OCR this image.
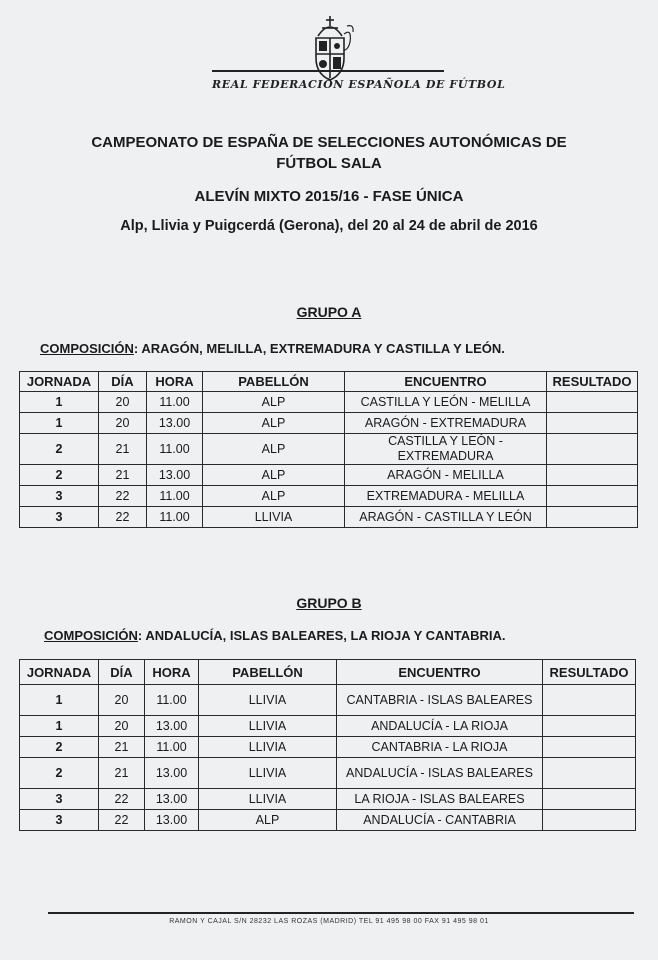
REAL FEDERACIÓN ESPAÑOLA DE FÚTBOL
CAMPEONATO DE ESPAÑA DE SELECCIONES AUTONÓMICAS DE
FÚTBOL SALA
ALEVÍN MIXTO 2015/16 - FASE ÚNICA
Alp, Llivia y Puigcerdá (Gerona), del 20 al 24 de abril de 2016
GRUPO A
COMPOSICIÓN: ARAGÓN, MELILLA, EXTREMADURA Y CASTILLA Y LEÓN.
JORNADA	DÍA	HORA	PABELLÓN	ENCUENTRO	RESULTADO
1	20	11.00	ALP	CASTILLA Y LEÓN - MELILLA	
1	20	13.00	ALP	ARAGÓN - EXTREMADURA	
2	21	11.00	ALP	CASTILLA Y LEÓN - EXTREMADURA	
2	21	13.00	ALP	ARAGÓN - MELILLA	
3	22	11.00	ALP	EXTREMADURA - MELILLA	
3	22	11.00	LLIVIA	ARAGÓN - CASTILLA Y LEÓN	
GRUPO B
COMPOSICIÓN: ANDALUCÍA, ISLAS BALEARES, LA RIOJA Y CANTABRIA.
JORNADA	DÍA	HORA	PABELLÓN	ENCUENTRO	RESULTADO
1	20	11.00	LLIVIA	CANTABRIA - ISLAS BALEARES	
1	20	13.00	LLIVIA	ANDALUCÍA - LA RIOJA	
2	21	11.00	LLIVIA	CANTABRIA - LA RIOJA	
2	21	13.00	LLIVIA	ANDALUCÍA - ISLAS BALEARES	
3	22	13.00	LLIVIA	LA RIOJA - ISLAS BALEARES	
3	22	13.00	ALP	ANDALUCÍA - CANTABRIA	
RAMON Y CAJAL S/N 28232 LAS ROZAS (MADRID) TEL 91 495 98 00 FAX 91 495 98 01
